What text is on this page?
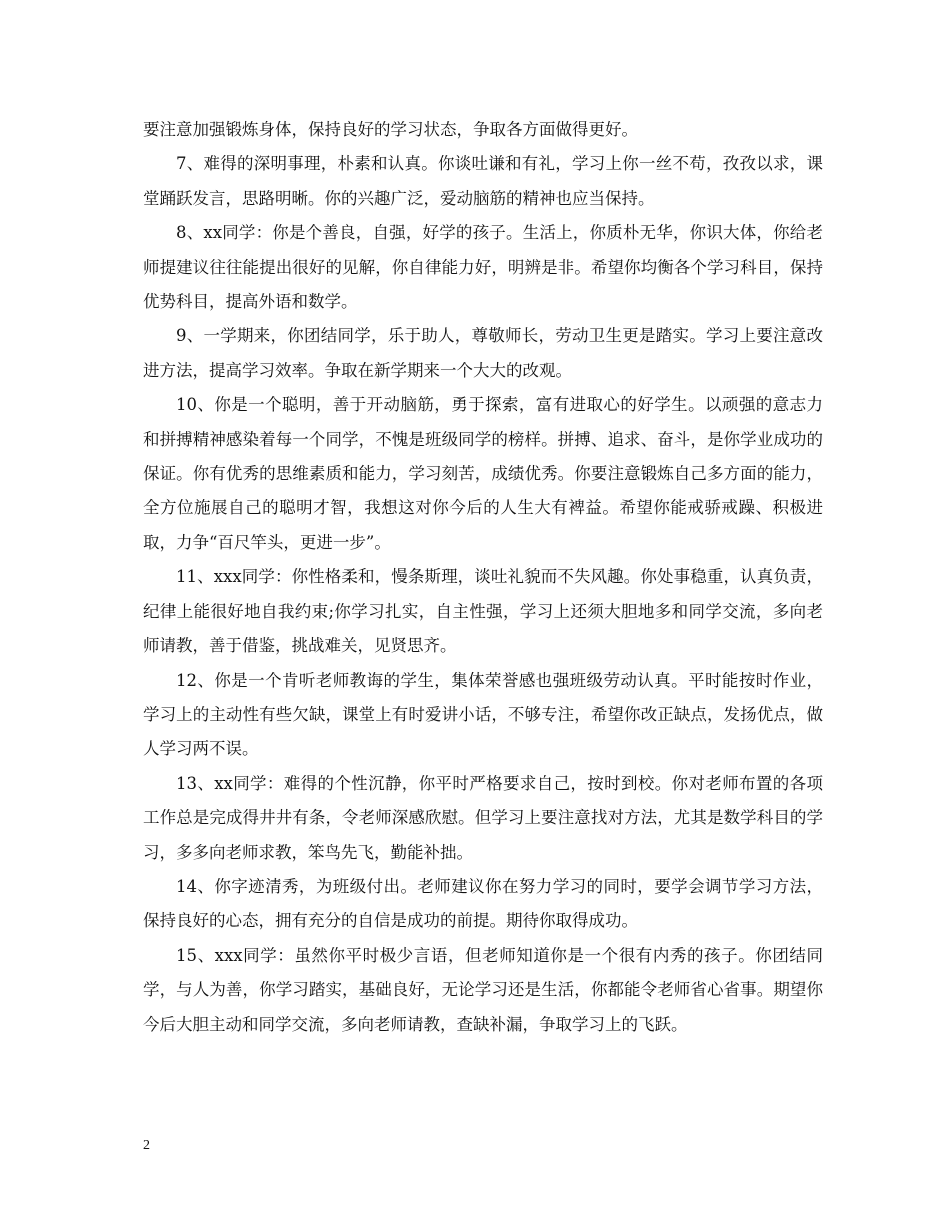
要注意加强锻炼身体，保持良好的学习状态，争取各方面做得更好。

7、难得的深明事理，朴素和认真。你谈吐谦和有礼，学习上你一丝不苟，孜孜以求，课堂踊跃发言，思路明晰。你的兴趣广泛，爱动脑筋的精神也应当保持。

8、xx同学：你是个善良，自强，好学的孩子。生活上，你质朴无华，你识大体，你给老师提建议往往能提出很好的见解，你自律能力好，明辨是非。希望你均衡各个学习科目，保持优势科目，提高外语和数学。

9、一学期来，你团结同学，乐于助人，尊敬师长，劳动卫生更是踏实。学习上要注意改进方法，提高学习效率。争取在新学期来一个大大的改观。

10、你是一个聪明，善于开动脑筋，勇于探索，富有进取心的好学生。以顽强的意志力和拼搏精神感染着每一个同学，不愧是班级同学的榜样。拼搏、追求、奋斗，是你学业成功的保证。你有优秀的思维素质和能力，学习刻苦，成绩优秀。你要注意锻炼自己多方面的能力，全方位施展自己的聪明才智，我想这对你今后的人生大有裨益。希望你能戒骄戒躁、积极进取，力争“百尺竿头，更进一步”。

11、xxx同学：你性格柔和，慢条斯理，谈吐礼貌而不失风趣。你处事稳重，认真负责，纪律上能很好地自我约束;你学习扎实，自主性强，学习上还须大胆地多和同学交流，多向老师请教，善于借鉴，挑战难关，见贤思齐。

12、你是一个肯听老师教诲的学生，集体荣誉感也强班级劳动认真。平时能按时作业，学习上的主动性有些欠缺，课堂上有时爱讲小话，不够专注，希望你改正缺点，发扬优点，做人学习两不误。

13、xx同学：难得的个性沉静，你平时严格要求自己，按时到校。你对老师布置的各项工作总是完成得井井有条，令老师深感欣慰。但学习上要注意找对方法，尤其是数学科目的学习，多多向老师求教，笨鸟先飞，勤能补拙。

14、你字迹清秀，为班级付出。老师建议你在努力学习的同时，要学会调节学习方法，保持良好的心态，拥有充分的自信是成功的前提。期待你取得成功。

15、xxx同学：虽然你平时极少言语，但老师知道你是一个很有内秀的孩子。你团结同学，与人为善，你学习踏实，基础良好，无论学习还是生活，你都能令老师省心省事。期望你今后大胆主动和同学交流，多向老师请教，查缺补漏，争取学习上的飞跃。

2
